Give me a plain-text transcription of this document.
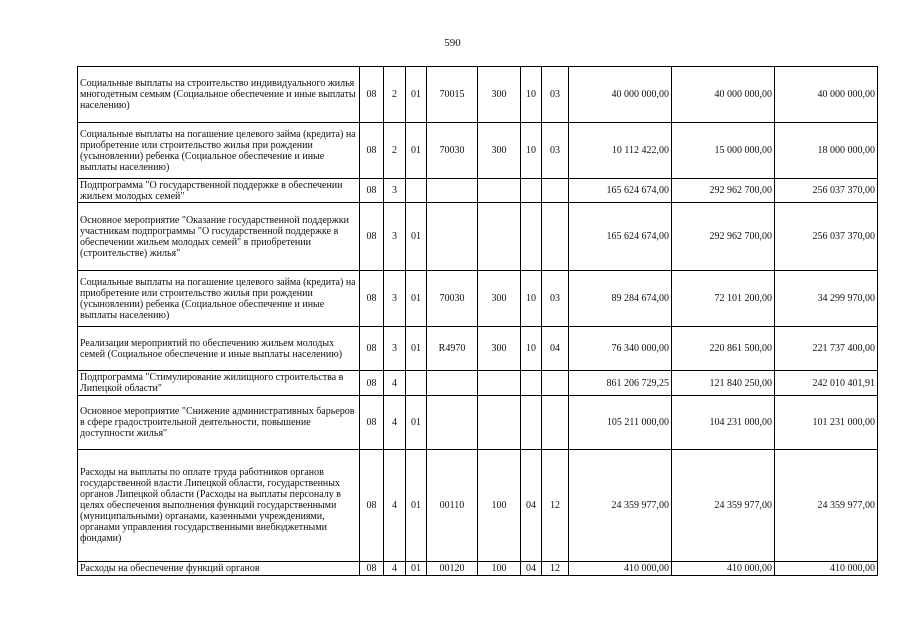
590
Социальные выплаты на строительство индивидуального жилья многодетным семьям (Социальное обеспечение и иные выплаты населению)	08	2	01	70015	300	10	03	40 000 000,00	40 000 000,00	40 000 000,00
Социальные выплаты на погашение целевого займа (кредита) на приобретение или строительство жилья при рождении (усыновлении) ребенка (Социальное обеспечение и иные выплаты населению)	08	2	01	70030	300	10	03	10 112 422,00	15 000 000,00	18 000 000,00
Подпрограмма "О государственной поддержке в обеспечении жильем молодых семей"	08	3						165 624 674,00	292 962 700,00	256 037 370,00
Основное мероприятие "Оказание государственной поддержки участникам подпрограммы "О государственной поддержке в обеспечении жильем молодых семей" в приобретении (строительстве) жилья"	08	3	01					165 624 674,00	292 962 700,00	256 037 370,00
Социальные выплаты на погашение целевого займа (кредита) на приобретение или строительство жилья при рождении (усыновлении) ребенка (Социальное обеспечение и иные выплаты населению)	08	3	01	70030	300	10	03	89 284 674,00	72 101 200,00	34 299 970,00
Реализация мероприятий по обеспечению жильем молодых семей (Социальное обеспечение и иные выплаты населению)	08	3	01	R4970	300	10	04	76 340 000,00	220 861 500,00	221 737 400,00
Подпрограмма "Стимулирование жилищного строительства в Липецкой области"	08	4						861 206 729,25	121 840 250,00	242 010 401,91
Основное мероприятие "Снижение административных барьеров в сфере градостроительной деятельности, повышение доступности жилья"	08	4	01					105 211 000,00	104 231 000,00	101 231 000,00
Расходы на выплаты по оплате труда работников органов государственной власти Липецкой области, государственных органов Липецкой области (Расходы на выплаты персоналу в целях обеспечения выполнения функций государственными (муниципальными) органами, казенными учреждениями, органами управления государственными внебюджетными фондами)	08	4	01	00110	100	04	12	24 359 977,00	24 359 977,00	24 359 977,00
Расходы на обеспечение функций органов	08	4	01	00120	100	04	12	410 000,00	410 000,00	410 000,00
